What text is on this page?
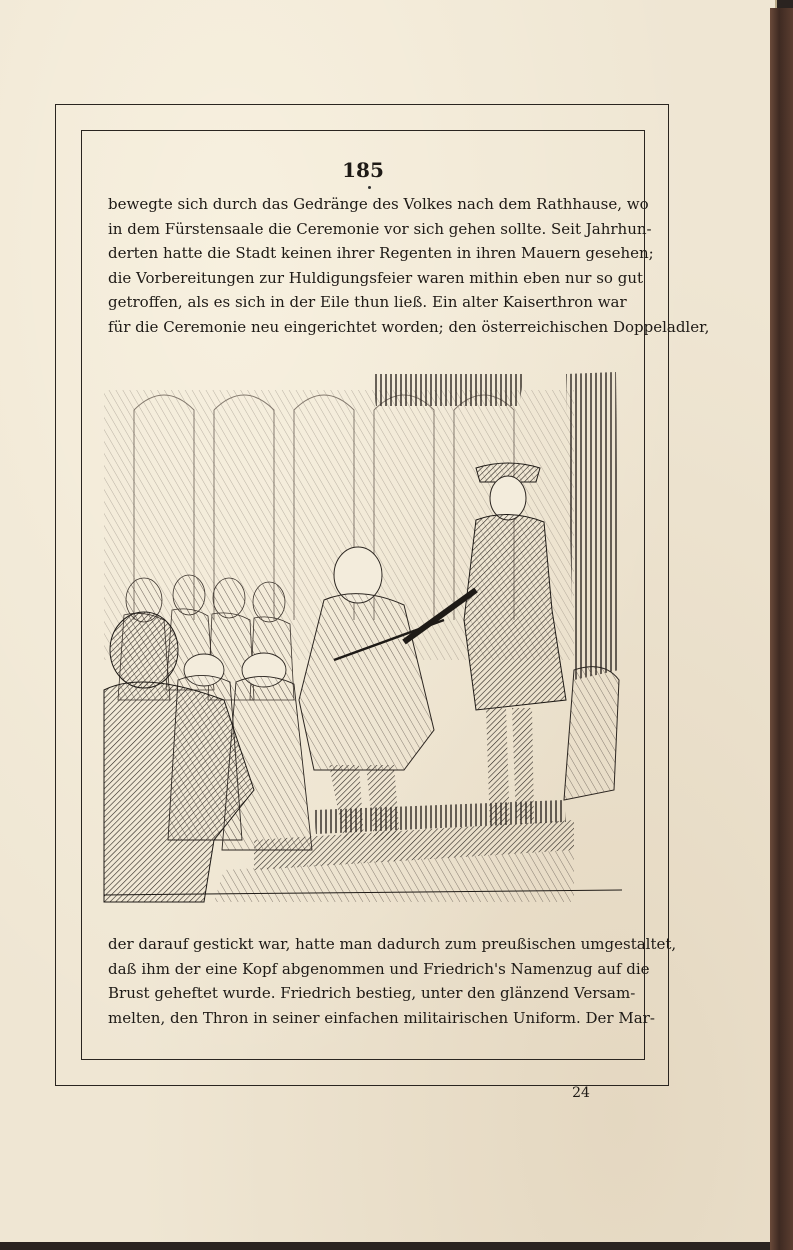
185
bewegte sich durch das Gedränge des Volkes nach dem Rathhause, wo
in dem Fürstensaale die Ceremonie vor sich gehen sollte. Seit Jahrhun-
derten hatte die Stadt keinen ihrer Regenten in ihren Mauern gesehen;
die Vorbereitungen zur Huldigungsfeier waren mithin eben nur so gut
getroffen, als es sich in der Eile thun ließ. Ein alter Kaiserthron war
für die Ceremonie neu eingerichtet worden; den österreichischen Doppeladler,
der darauf gestickt war, hatte man dadurch zum preußischen umgestaltet,
daß ihm der eine Kopf abgenommen und Friedrich's Namenzug auf die
Brust geheftet wurde. Friedrich bestieg, unter den glänzend Versam-
melten, den Thron in seiner einfachen militairischen Uniform. Der Mar-
24
